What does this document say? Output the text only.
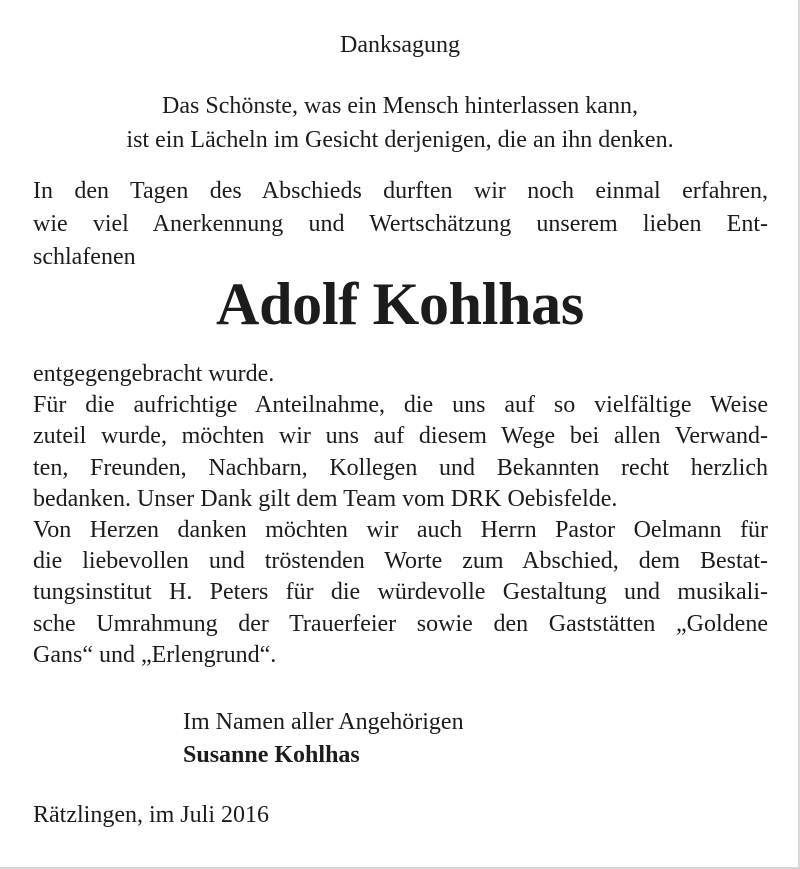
Danksagung
Das Schönste, was ein Mensch hinterlassen kann,
ist ein Lächeln im Gesicht derjenigen, die an ihn denken.
In den Tagen des Abschieds durften wir noch einmal erfahren,
wie viel Anerkennung und Wertschätzung unserem lieben Ent-
schlafenen
Adolf Kohlhas
entgegengebracht wurde.
Für die aufrichtige Anteilnahme, die uns auf so vielfältige Weise
zuteil wurde, möchten wir uns auf diesem Wege bei allen Verwand-
ten, Freunden, Nachbarn, Kollegen und Bekannten recht herzlich
bedanken. Unser Dank gilt dem Team vom DRK Oebisfelde.
Von Herzen danken möchten wir auch Herrn Pastor Oelmann für
die liebevollen und tröstenden Worte zum Abschied, dem Bestat-
tungsinstitut H. Peters für die würdevolle Gestaltung und musikali-
sche Umrahmung der Trauerfeier sowie den Gaststätten „Goldene
Gans“ und „Erlengrund“.
Im Namen aller Angehörigen
Susanne Kohlhas
Rätzlingen, im Juli 2016
